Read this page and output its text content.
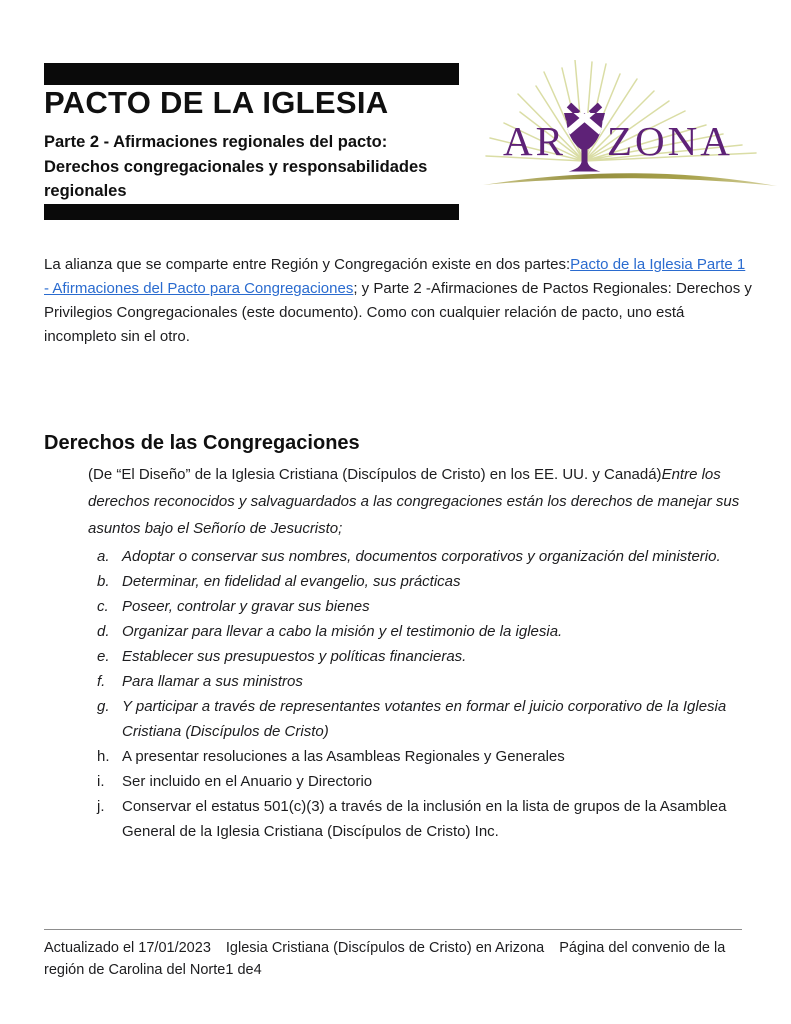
PACTO DE LA IGLESIA
Parte 2 - Afirmaciones regionales del pacto:
Derechos congregacionales y responsabilidades
regionales
AR ZONA
La alianza que se comparte entre Región y Congregación existe en dos partes:Pacto de la Iglesia Parte 1 - Afirmaciones del Pacto para Congregaciones; y Parte 2 -Afirmaciones de Pactos Regionales: Derechos y Privilegios Congregacionales (este documento). Como con cualquier relación de pacto, uno está incompleto sin el otro.
Derechos de las Congregaciones
(De “El Diseño” de la Iglesia Cristiana (Discípulos de Cristo) en los EE. UU. y Canadá)Entre los derechos reconocidos y salvaguardados a las congregaciones están los derechos de manejar sus asuntos bajo el Señorío de Jesucristo;
a. Adoptar o conservar sus nombres, documentos corporativos y organización del ministerio.
b. Determinar, en fidelidad al evangelio, sus prácticas
c. Poseer, controlar y gravar sus bienes
d. Organizar para llevar a cabo la misión y el testimonio de la iglesia.
e. Establecer sus presupuestos y políticas financieras.
f.	Para llamar a sus ministros
g. Y participar a través de representantes votantes en formar el juicio corporativo de la Iglesia Cristiana (Discípulos de Cristo)
h. A presentar resoluciones a las Asambleas Regionales y Generales
i.	Ser incluido en el Anuario y Directorio
j.	Conservar el estatus 501(c)(3) a través de la inclusión en la lista de grupos de la Asamblea General de la Iglesia Cristiana (Discípulos de Cristo) Inc.
Actualizado el 17/01/2023 Iglesia Cristiana (Discípulos de Cristo) en Arizona Página del convenio de la región de Carolina del Norte1 de4
